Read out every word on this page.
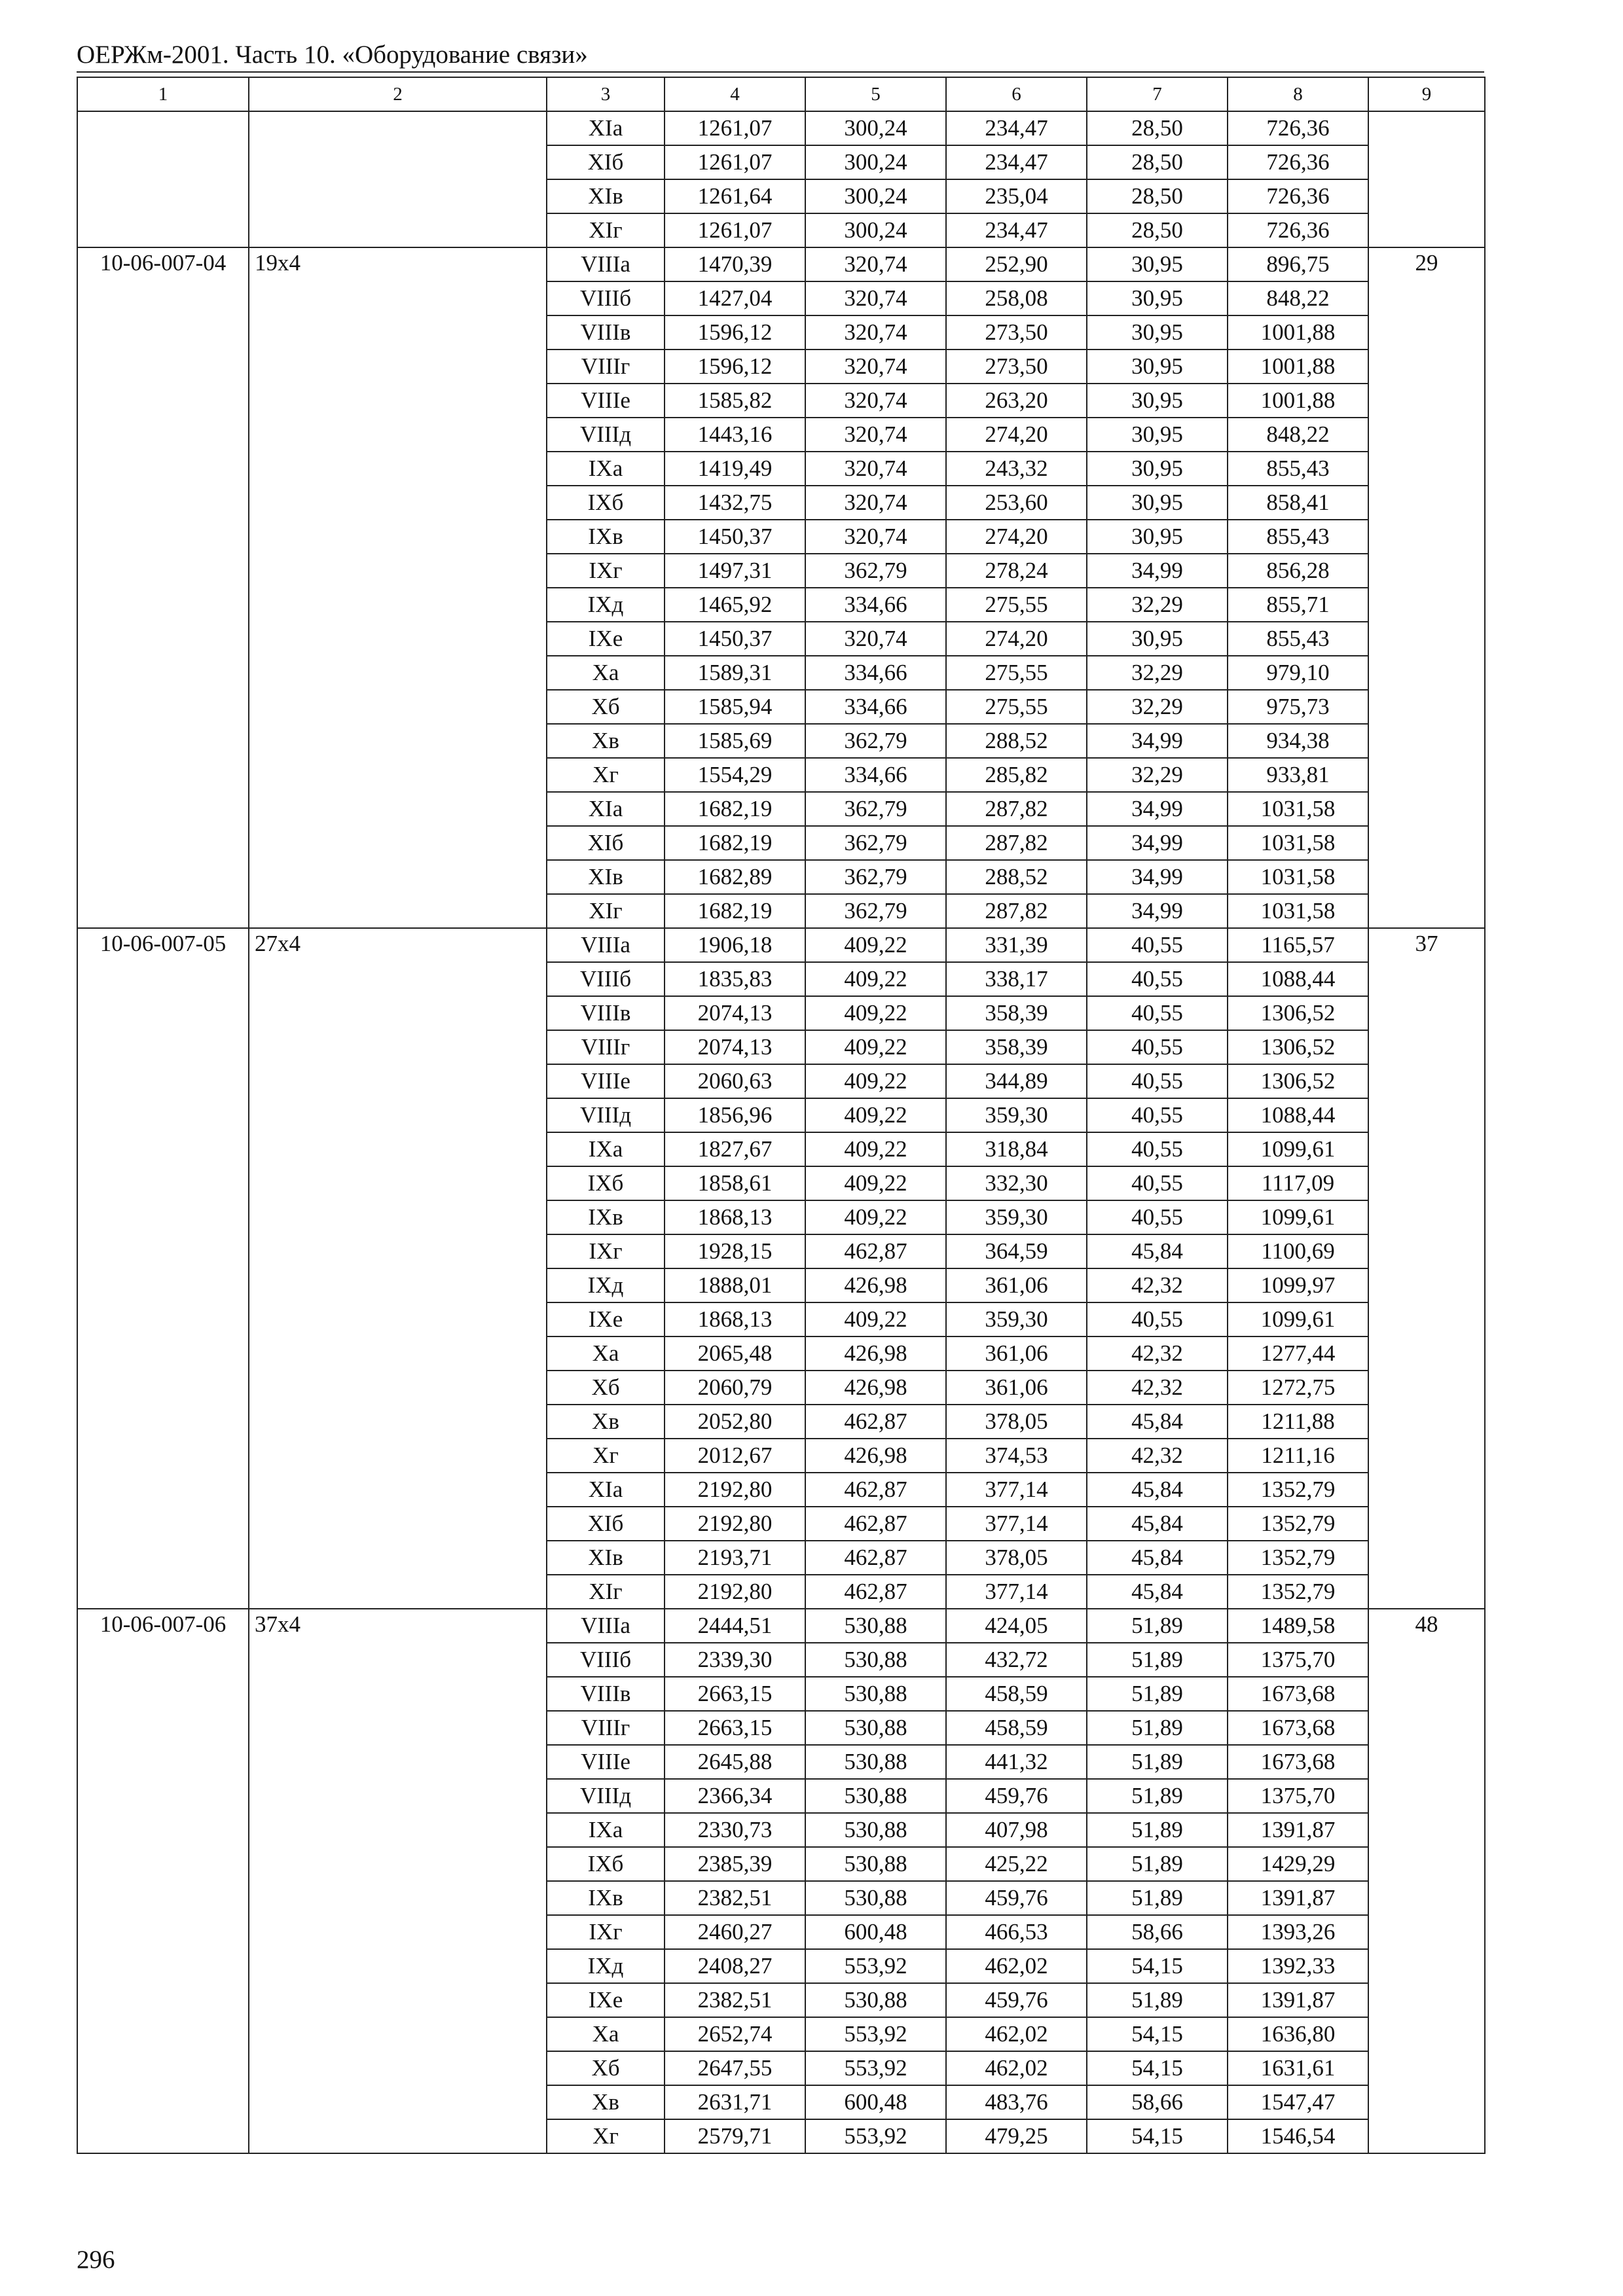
ОЕРЖм-2001. Часть 10. «Оборудование связи»
1	2	3	4	5	6	7	8	9
		XIа	1261,07	300,24	234,47	28,50	726,36	
		XIб	1261,07	300,24	234,47	28,50	726,36	
		XIв	1261,64	300,24	235,04	28,50	726,36	
		XIг	1261,07	300,24	234,47	28,50	726,36	
10-06-007-04	19x4	VIIIа	1470,39	320,74	252,90	30,95	896,75	29
		VIIIб	1427,04	320,74	258,08	30,95	848,22	
		VIIIв	1596,12	320,74	273,50	30,95	1001,88	
		VIIIг	1596,12	320,74	273,50	30,95	1001,88	
		VIIIе	1585,82	320,74	263,20	30,95	1001,88	
		VIIIд	1443,16	320,74	274,20	30,95	848,22	
		IXа	1419,49	320,74	243,32	30,95	855,43	
		IXб	1432,75	320,74	253,60	30,95	858,41	
		IXв	1450,37	320,74	274,20	30,95	855,43	
		IXг	1497,31	362,79	278,24	34,99	856,28	
		IXд	1465,92	334,66	275,55	32,29	855,71	
		IXе	1450,37	320,74	274,20	30,95	855,43	
		Xа	1589,31	334,66	275,55	32,29	979,10	
		Xб	1585,94	334,66	275,55	32,29	975,73	
		Xв	1585,69	362,79	288,52	34,99	934,38	
		Xг	1554,29	334,66	285,82	32,29	933,81	
		XIа	1682,19	362,79	287,82	34,99	1031,58	
		XIб	1682,19	362,79	287,82	34,99	1031,58	
		XIв	1682,89	362,79	288,52	34,99	1031,58	
		XIг	1682,19	362,79	287,82	34,99	1031,58	
10-06-007-05	27x4	VIIIа	1906,18	409,22	331,39	40,55	1165,57	37
		VIIIб	1835,83	409,22	338,17	40,55	1088,44	
		VIIIв	2074,13	409,22	358,39	40,55	1306,52	
		VIIIг	2074,13	409,22	358,39	40,55	1306,52	
		VIIIе	2060,63	409,22	344,89	40,55	1306,52	
		VIIIд	1856,96	409,22	359,30	40,55	1088,44	
		IXа	1827,67	409,22	318,84	40,55	1099,61	
		IXб	1858,61	409,22	332,30	40,55	1117,09	
		IXв	1868,13	409,22	359,30	40,55	1099,61	
		IXг	1928,15	462,87	364,59	45,84	1100,69	
		IXд	1888,01	426,98	361,06	42,32	1099,97	
		IXе	1868,13	409,22	359,30	40,55	1099,61	
		Xа	2065,48	426,98	361,06	42,32	1277,44	
		Xб	2060,79	426,98	361,06	42,32	1272,75	
		Xв	2052,80	462,87	378,05	45,84	1211,88	
		Xг	2012,67	426,98	374,53	42,32	1211,16	
		XIа	2192,80	462,87	377,14	45,84	1352,79	
		XIб	2192,80	462,87	377,14	45,84	1352,79	
		XIв	2193,71	462,87	378,05	45,84	1352,79	
		XIг	2192,80	462,87	377,14	45,84	1352,79	
10-06-007-06	37x4	VIIIа	2444,51	530,88	424,05	51,89	1489,58	48
		VIIIб	2339,30	530,88	432,72	51,89	1375,70	
		VIIIв	2663,15	530,88	458,59	51,89	1673,68	
		VIIIг	2663,15	530,88	458,59	51,89	1673,68	
		VIIIе	2645,88	530,88	441,32	51,89	1673,68	
		VIIIд	2366,34	530,88	459,76	51,89	1375,70	
		IXа	2330,73	530,88	407,98	51,89	1391,87	
		IXб	2385,39	530,88	425,22	51,89	1429,29	
		IXв	2382,51	530,88	459,76	51,89	1391,87	
		IXг	2460,27	600,48	466,53	58,66	1393,26	
		IXд	2408,27	553,92	462,02	54,15	1392,33	
		IXе	2382,51	530,88	459,76	51,89	1391,87	
		Xа	2652,74	553,92	462,02	54,15	1636,80	
		Xб	2647,55	553,92	462,02	54,15	1631,61	
		Xв	2631,71	600,48	483,76	58,66	1547,47	
		Xг	2579,71	553,92	479,25	54,15	1546,54	
296
